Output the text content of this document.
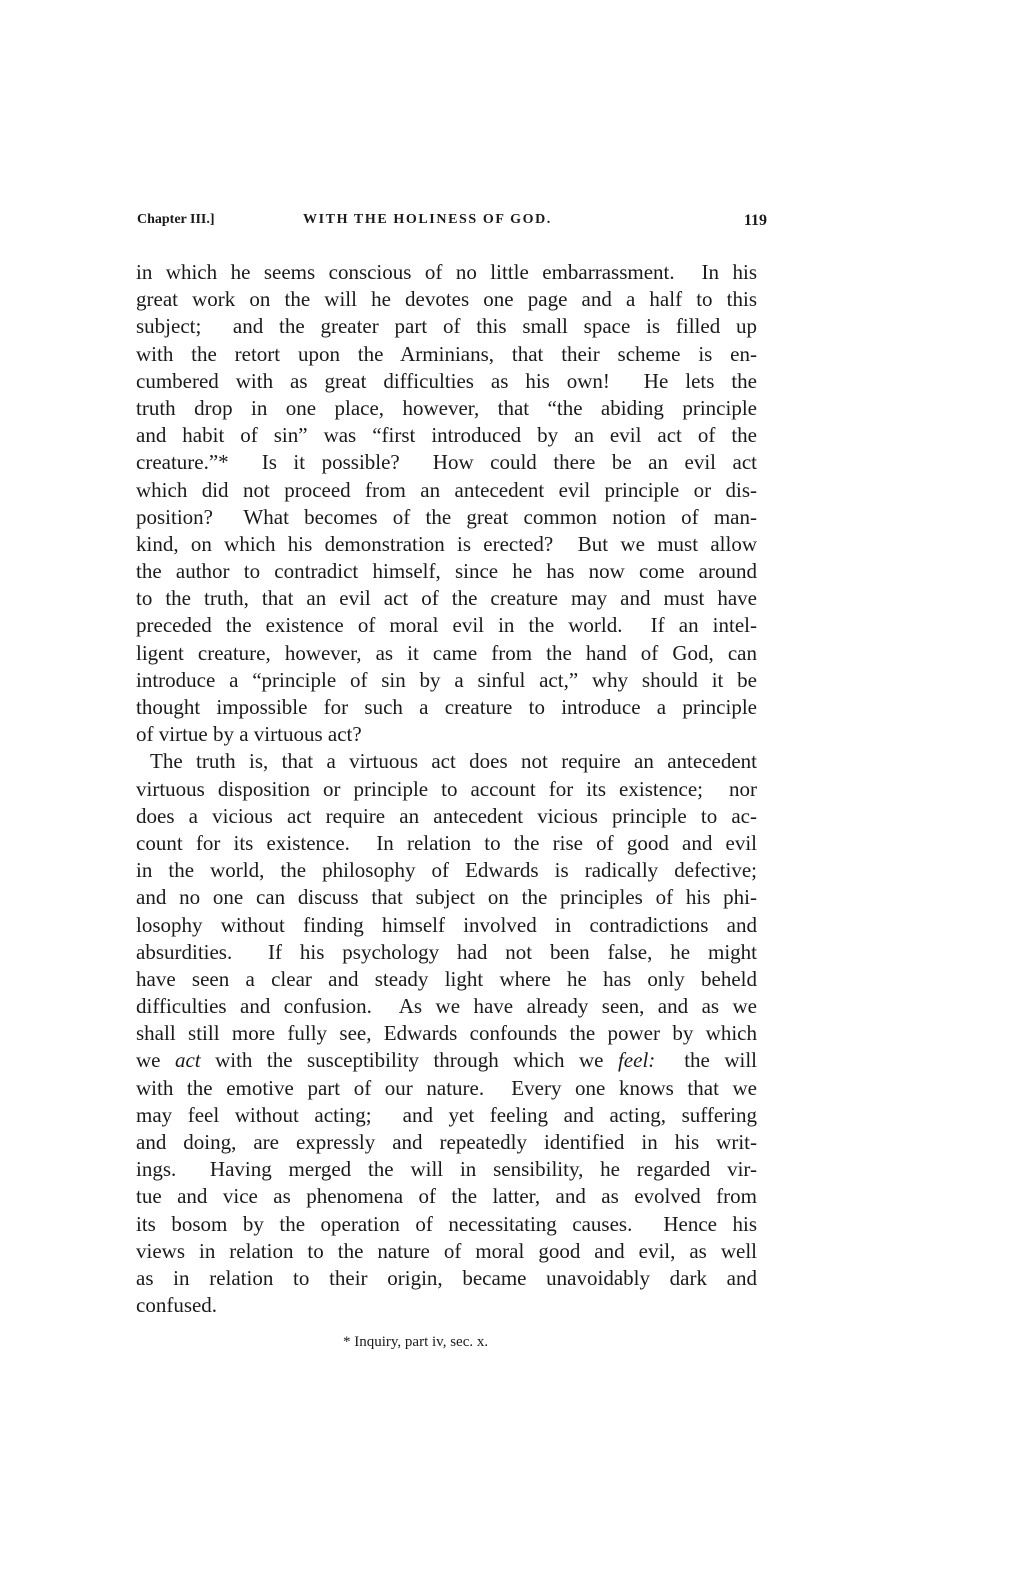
Chapter III.]	WITH THE HOLINESS OF GOD.	119
in which he seems conscious of no little embarrassment.  In his
great work on the will he devotes one page and a half to this
subject;  and the greater part of this small space is filled up
with the retort upon the Arminians, that their scheme is en-
cumbered with as great difficulties as his own!  He lets the
truth drop in one place, however, that “the abiding principle
and habit of sin” was “first introduced by an evil act of the
creature.”*  Is it possible?  How could there be an evil act
which did not proceed from an antecedent evil principle or dis-
position?  What becomes of the great common notion of man-
kind, on which his demonstration is erected?  But we must allow
the author to contradict himself, since he has now come around
to the truth, that an evil act of the creature may and must have
preceded the existence of moral evil in the world.  If an intel-
ligent creature, however, as it came from the hand of God, can
introduce a “principle of sin by a sinful act,” why should it be
thought impossible for such a creature to introduce a principle
of virtue by a virtuous act?
The truth is, that a virtuous act does not require an antecedent
virtuous disposition or principle to account for its existence;  nor
does a vicious act require an antecedent vicious principle to ac-
count for its existence.  In relation to the rise of good and evil
in the world, the philosophy of Edwards is radically defective;
and no one can discuss that subject on the principles of his phi-
losophy without finding himself involved in contradictions and
absurdities.  If his psychology had not been false, he might
have seen a clear and steady light where he has only beheld
difficulties and confusion.  As we have already seen, and as we
shall still more fully see, Edwards confounds the power by which
we act with the susceptibility through which we feel:  the will
with the emotive part of our nature.  Every one knows that we
may feel without acting;  and yet feeling and acting, suffering
and doing, are expressly and repeatedly identified in his writ-
ings.  Having merged the will in sensibility, he regarded vir-
tue and vice as phenomena of the latter, and as evolved from
its bosom by the operation of necessitating causes.  Hence his
views in relation to the nature of moral good and evil, as well
as in relation to their origin, became unavoidably dark and
confused.
* Inquiry, part iv, sec. x.
